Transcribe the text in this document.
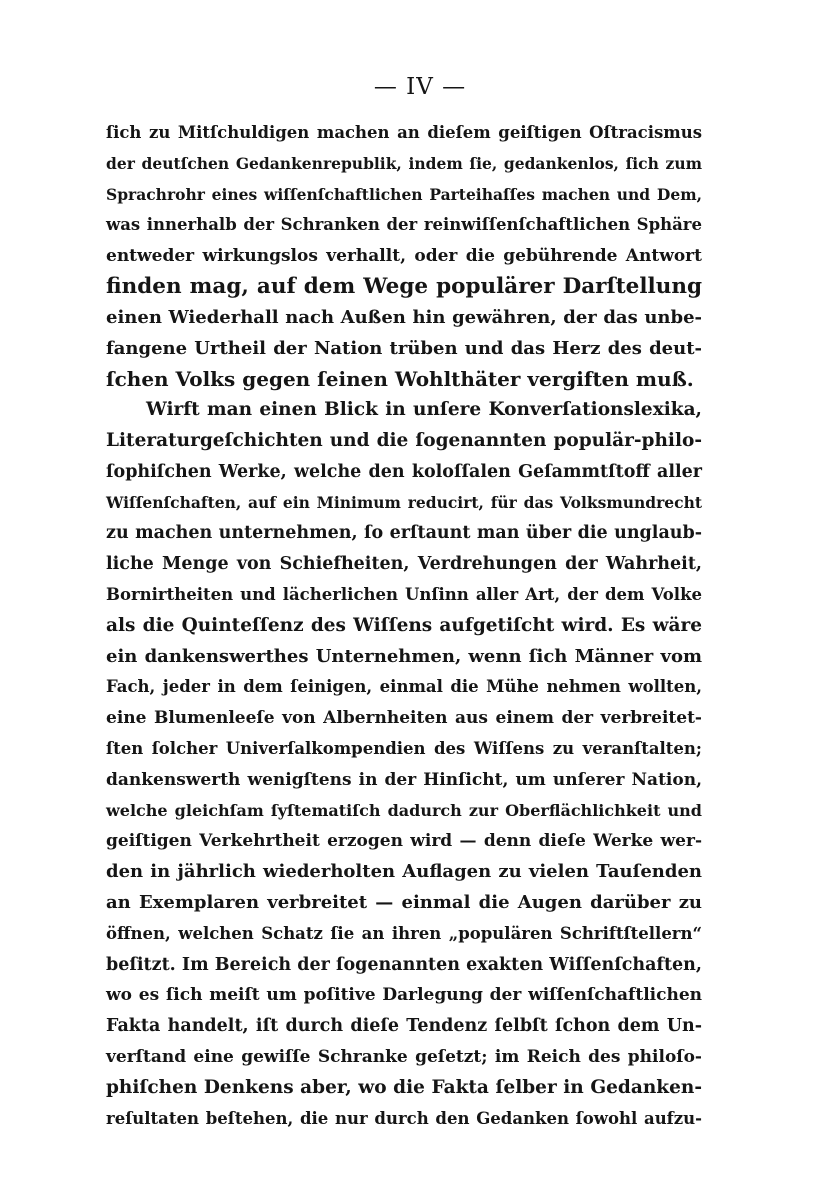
— IV —
ſich zu Mitſchuldigen machen an dieſem geiſtigen Oſtracismus
der deutſchen Gedankenrepublik, indem ſie, gedankenlos, ſich zum
Sprachrohr eines wiſſenſchaftlichen Parteihaſſes machen und Dem,
was innerhalb der Schranken der reinwiſſenſchaftlichen Sphäre
entweder wirkungslos verhallt, oder die gebührende Antwort
finden mag, auf dem Wege populärer Darſtellung
einen Wiederhall nach Außen hin gewähren, der das unbe-
fangene Urtheil der Nation trüben und das Herz des deut-
ſchen Volks gegen ſeinen Wohlthäter vergiften muß.
Wirft man einen Blick in unſere Konverſationslexika,
Literaturgeſchichten und die ſogenannten populär-philo-
ſophiſchen Werke, welche den koloſſalen Geſammtſtoff aller
Wiſſenſchaften, auf ein Minimum reducirt, für das Volksmundrecht
zu machen unternehmen, ſo erſtaunt man über die unglaub-
liche Menge von Schiefheiten, Verdrehungen der Wahrheit,
Bornirtheiten und lächerlichen Unſinn aller Art, der dem Volke
als die Quinteſſenz des Wiſſens aufgetiſcht wird. Es wäre
ein dankenswerthes Unternehmen, wenn ſich Männer vom
Fach, jeder in dem ſeinigen, einmal die Mühe nehmen wollten,
eine Blumenleeſe von Albernheiten aus einem der verbreitet-
ſten ſolcher Univerſalkompendien des Wiſſens zu veranſtalten;
dankenswerth wenigſtens in der Hinſicht, um unſerer Nation,
welche gleichſam ſyſtematiſch dadurch zur Oberflächlichkeit und
geiſtigen Verkehrtheit erzogen wird — denn dieſe Werke wer-
den in jährlich wiederholten Auflagen zu vielen Tauſenden
an Exemplaren verbreitet — einmal die Augen darüber zu
öffnen, welchen Schatz ſie an ihren „populären Schriftſtellern“
beſitzt. Im Bereich der ſogenannten exakten Wiſſenſchaften,
wo es ſich meiſt um poſitive Darlegung der wiſſenſchaftlichen
Fakta handelt, iſt durch dieſe Tendenz ſelbſt ſchon dem Un-
verſtand eine gewiſſe Schranke geſetzt; im Reich des philoſo-
phiſchen Denkens aber, wo die Fakta ſelber in Gedanken-
reſultaten beſtehen, die nur durch den Gedanken ſowohl aufzu-
